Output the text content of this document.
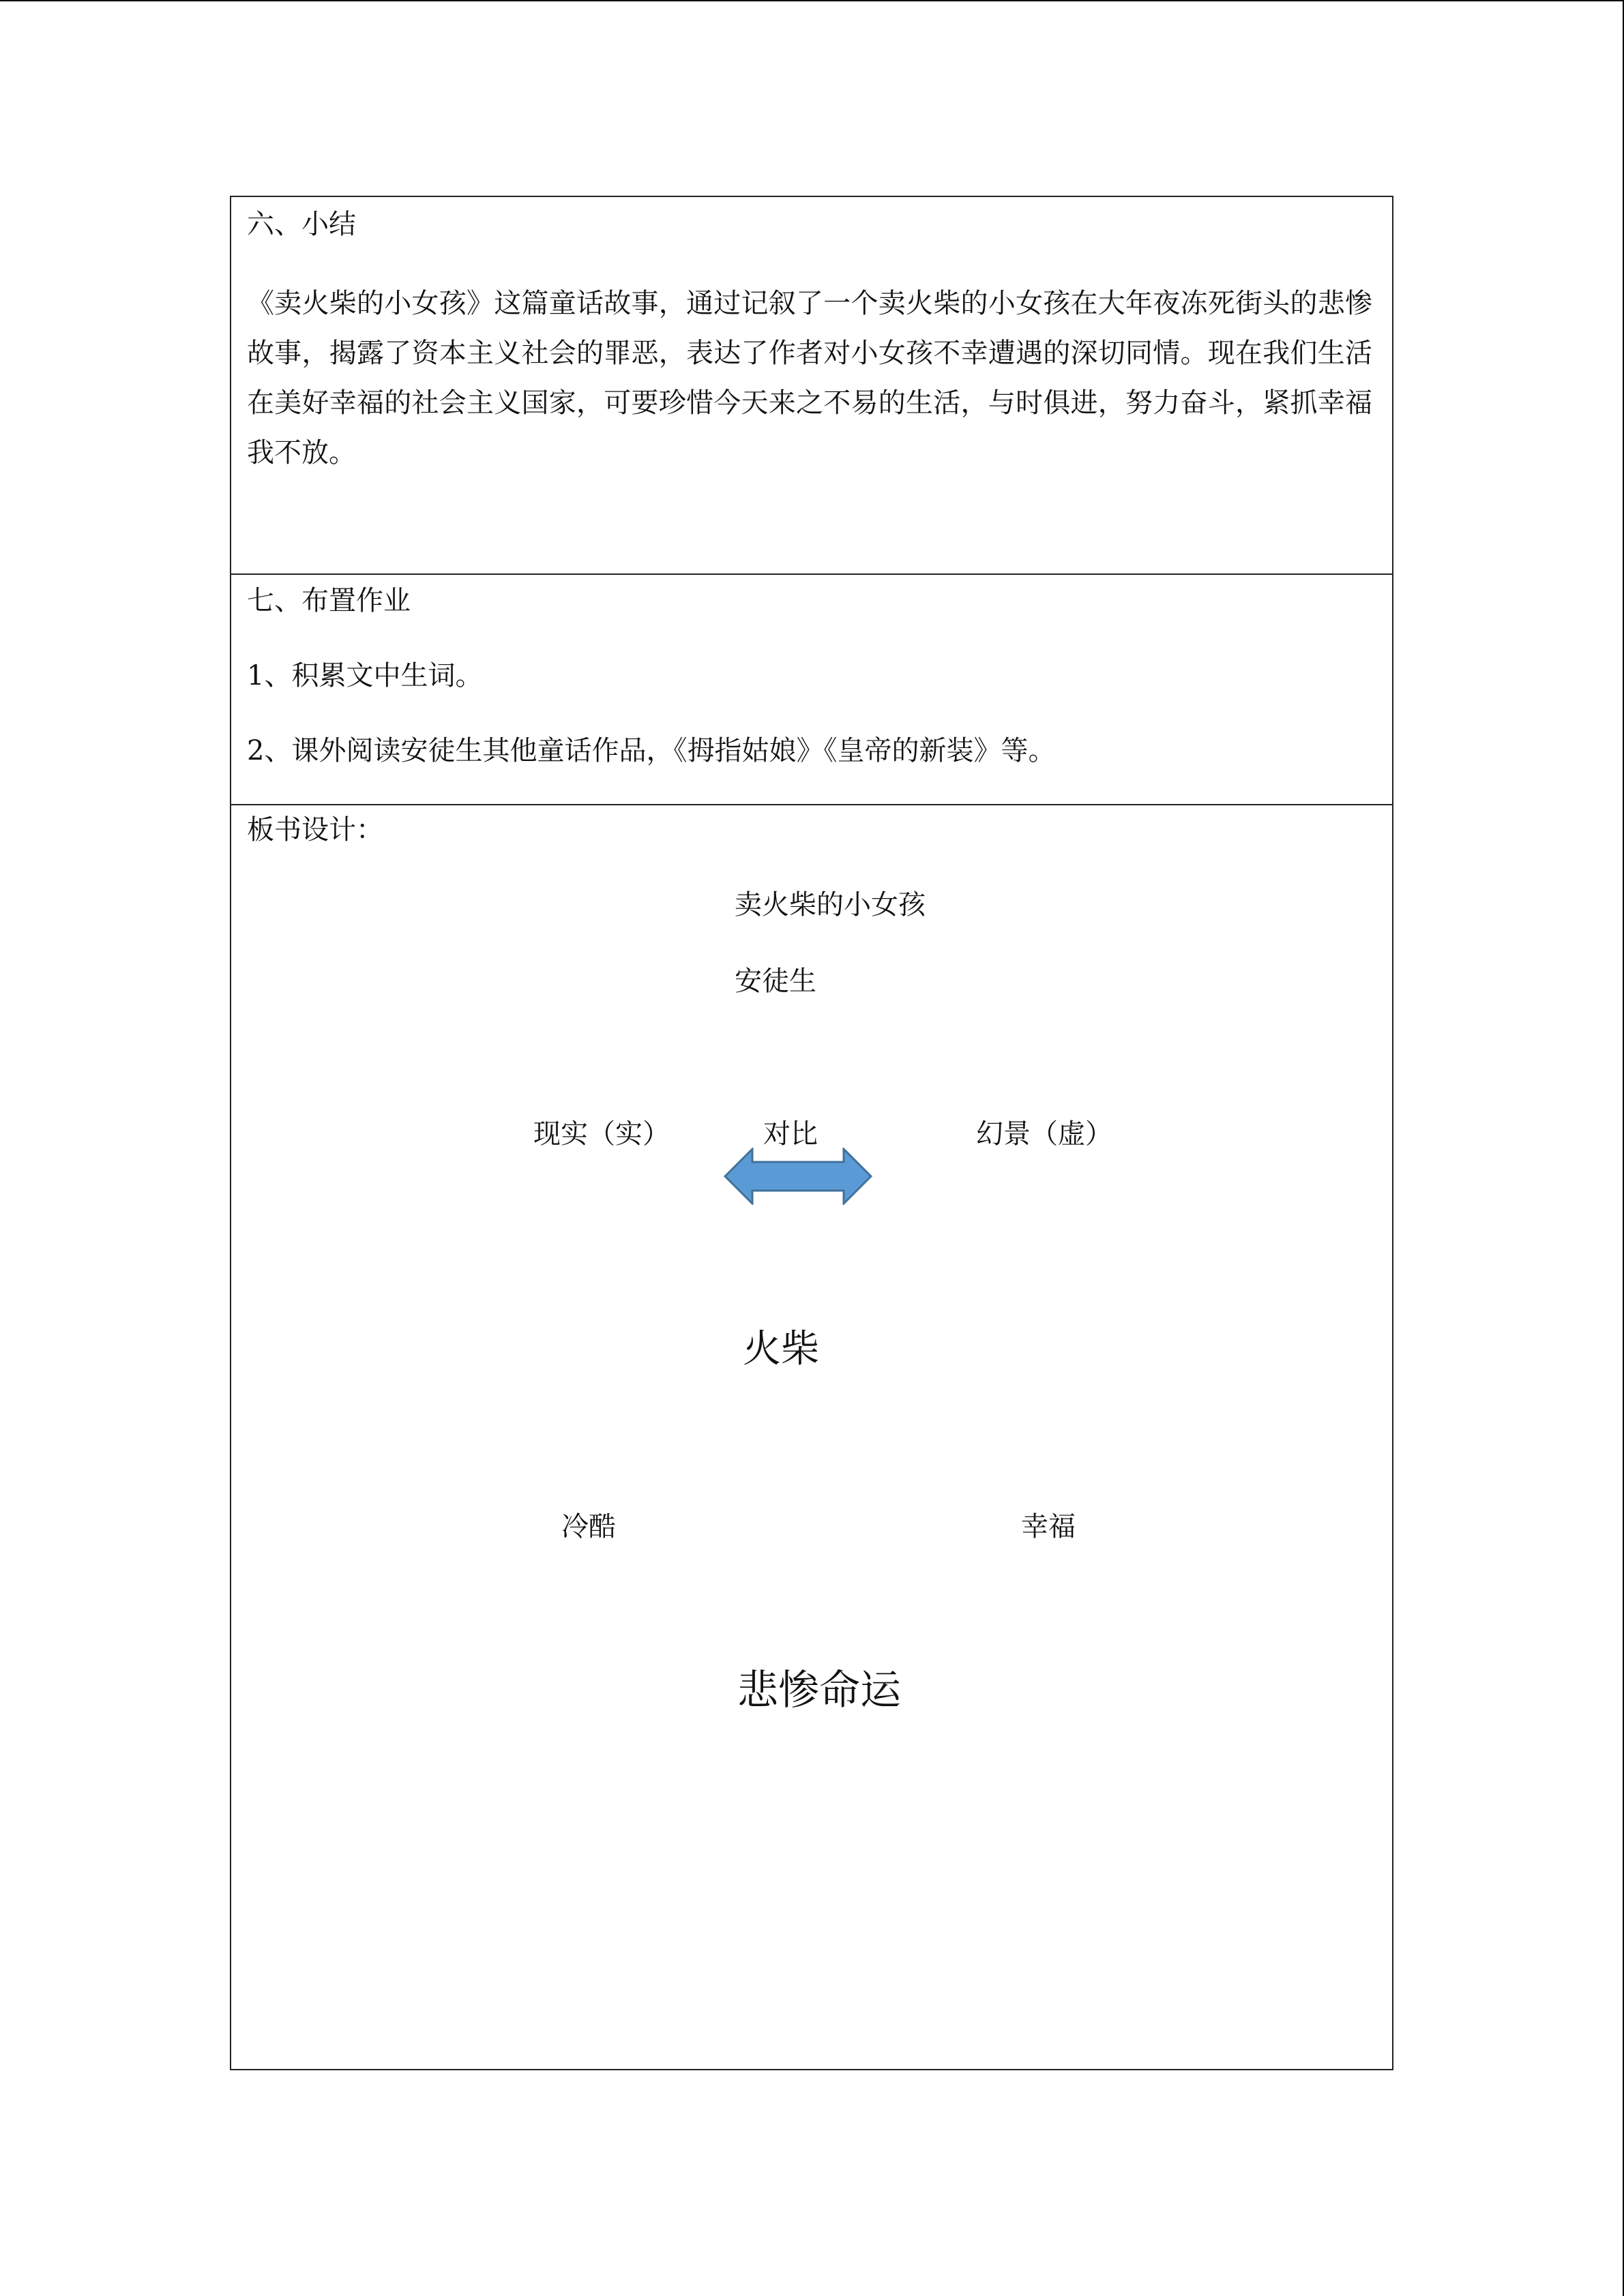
六、小结
《卖火柴的小女孩》这篇童话故事，通过记叙了一个卖火柴的小女孩在大年夜冻死街头的悲惨故事，揭露了资本主义社会的罪恶，表达了作者对小女孩不幸遭遇的深切同情。现在我们生活在美好幸福的社会主义国家，可要珍惜今天来之不易的生活，与时俱进，努力奋斗，紧抓幸福我不放。
七、布置作业
1、积累文中生词。
2、课外阅读安徒生其他童话作品，《拇指姑娘》《皇帝的新装》等。
板书设计：
卖火柴的小女孩
安徒生
现实（实）	对比	幻景（虚）
火柴
冷酷	幸福
悲惨命运
